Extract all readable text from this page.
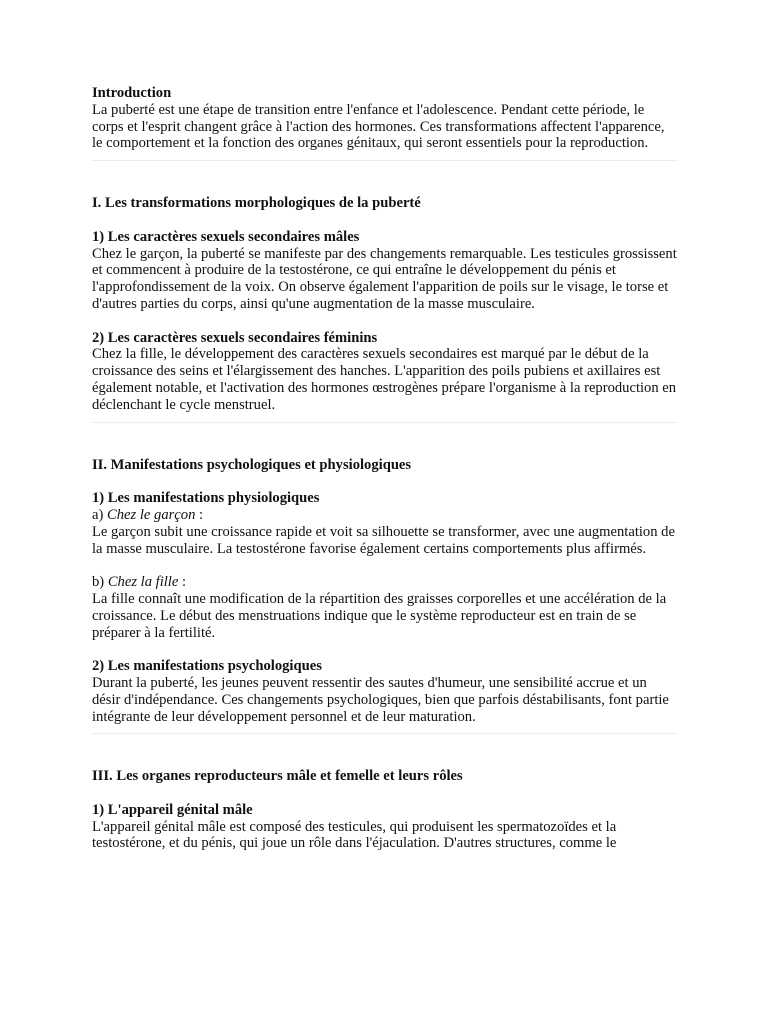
Introduction

La puberté est une étape de transition entre l'enfance et l'adolescence. Pendant cette période, le corps et l'esprit changent grâce à l'action des hormones. Ces transformations affectent l'apparence, le comportement et la fonction des organes génitaux, qui seront essentiels pour la reproduction.

I. Les transformations morphologiques de la puberté

1) Les caractères sexuels secondaires mâles

Chez le garçon, la puberté se manifeste par des changements remarquable. Les testicules grossissent et commencent à produire de la testostérone, ce qui entraîne le développement du pénis et l'approfondissement de la voix. On observe également l'apparition de poils sur le visage, le torse et d'autres parties du corps, ainsi qu'une augmentation de la masse musculaire.

2) Les caractères sexuels secondaires féminins

Chez la fille, le développement des caractères sexuels secondaires est marqué par le début de la croissance des seins et l'élargissement des hanches. L'apparition des poils pubiens et axillaires est également notable, et l'activation des hormones œstrogènes prépare l'organisme à la reproduction en déclenchant le cycle menstruel.

II. Manifestations psychologiques et physiologiques

1) Les manifestations physiologiques

a) Chez le garçon :

Le garçon subit une croissance rapide et voit sa silhouette se transformer, avec une augmentation de la masse musculaire. La testostérone favorise également certains comportements plus affirmés.

b) Chez la fille :

La fille connaît une modification de la répartition des graisses corporelles et une accélération de la croissance. Le début des menstruations indique que le système reproducteur est en train de se préparer à la fertilité.

2) Les manifestations psychologiques

Durant la puberté, les jeunes peuvent ressentir des sautes d'humeur, une sensibilité accrue et un désir d'indépendance. Ces changements psychologiques, bien que parfois déstabilisants, font partie intégrante de leur développement personnel et de leur maturation.

III. Les organes reproducteurs mâle et femelle et leurs rôles

1) L'appareil génital mâle

L'appareil génital mâle est composé des testicules, qui produisent les spermatozoïdes et la testostérone, et du pénis, qui joue un rôle dans l'éjaculation. D'autres structures, comme le
